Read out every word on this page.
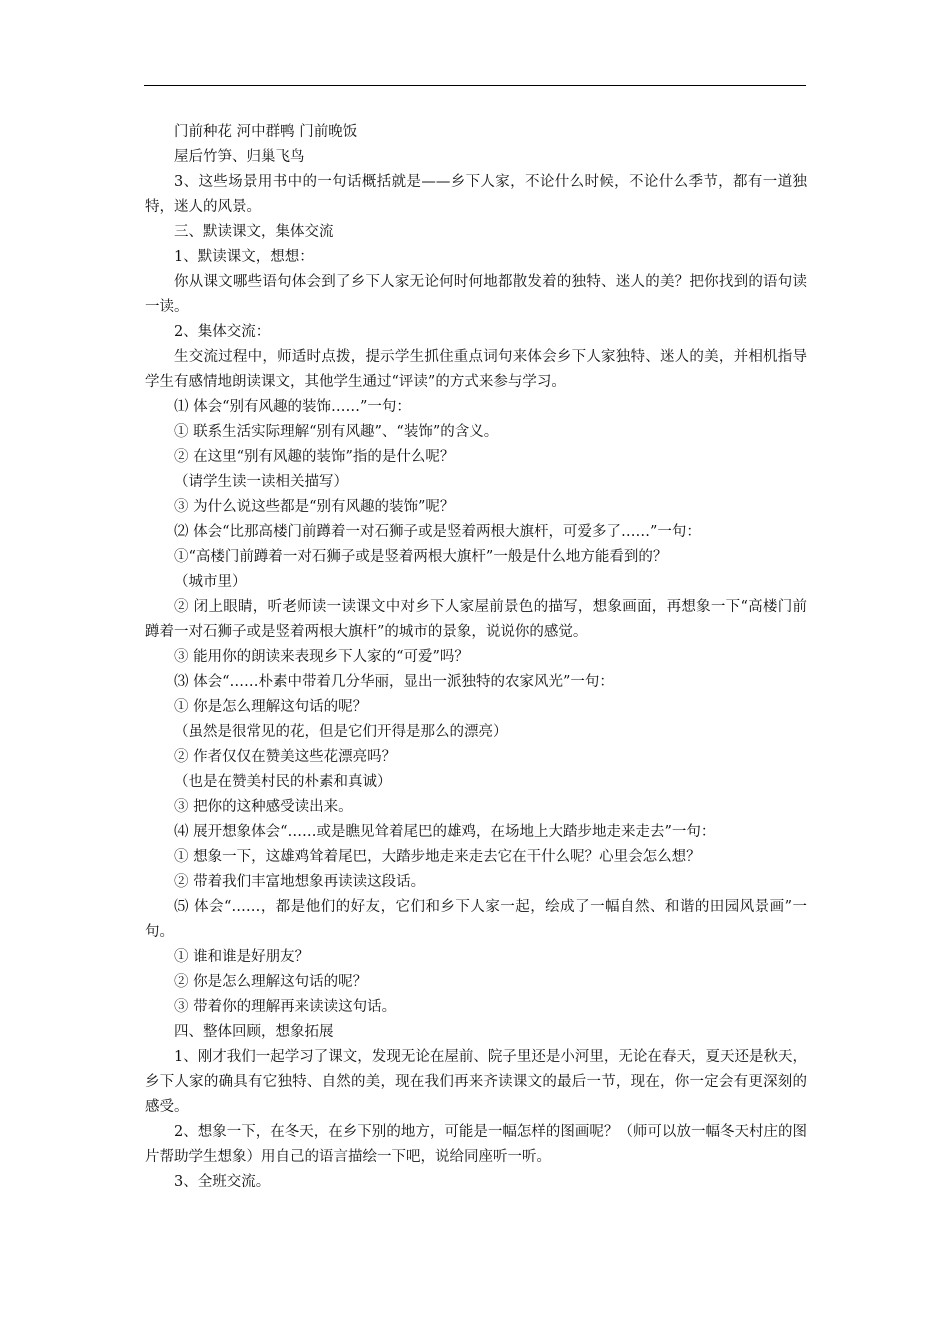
门前种花 河中群鸭 门前晚饭

屋后竹笋、归巢飞鸟

3、这些场景用书中的一句话概括就是——乡下人家，不论什么时候，不论什么季节，都有一道独特，迷人的风景。

三、默读课文，集体交流

1、默读课文，想想：

你从课文哪些语句体会到了乡下人家无论何时何地都散发着的独特、迷人的美？把你找到的语句读一读。

2、集体交流：

生交流过程中，师适时点拨，提示学生抓住重点词句来体会乡下人家独特、迷人的美，并相机指导学生有感情地朗读课文，其他学生通过“评读”的方式来参与学习。

⑴ 体会“别有风趣的装饰……”一句：

① 联系生活实际理解“别有风趣”、“装饰”的含义。

② 在这里“别有风趣的装饰”指的是什么呢？

（请学生读一读相关描写）

③ 为什么说这些都是“别有风趣的装饰”呢？

⑵ 体会“比那高楼门前蹲着一对石狮子或是竖着两根大旗杆，可爱多了……”一句：

①“高楼门前蹲着一对石狮子或是竖着两根大旗杆”一般是什么地方能看到的？

（城市里）

② 闭上眼睛，听老师读一读课文中对乡下人家屋前景色的描写，想象画面，再想象一下“高楼门前蹲着一对石狮子或是竖着两根大旗杆”的城市的景象，说说你的感觉。

③ 能用你的朗读来表现乡下人家的“可爱”吗？

⑶ 体会“……朴素中带着几分华丽，显出一派独特的农家风光”一句：

① 你是怎么理解这句话的呢？

（虽然是很常见的花，但是它们开得是那么的漂亮）

② 作者仅仅在赞美这些花漂亮吗？

（也是在赞美村民的朴素和真诚）

③ 把你的这种感受读出来。

⑷ 展开想象体会“……或是瞧见耸着尾巴的雄鸡，在场地上大踏步地走来走去”一句：

① 想象一下，这雄鸡耸着尾巴，大踏步地走来走去它在干什么呢？心里会怎么想？

② 带着我们丰富地想象再读读这段话。

⑸ 体会“……，都是他们的好友，它们和乡下人家一起，绘成了一幅自然、和谐的田园风景画”一句。

① 谁和谁是好朋友？

② 你是怎么理解这句话的呢？

③ 带着你的理解再来读读这句话。

四、整体回顾，想象拓展

1、刚才我们一起学习了课文，发现无论在屋前、院子里还是小河里，无论在春天，夏天还是秋天，乡下人家的确具有它独特、自然的美，现在我们再来齐读课文的最后一节，现在，你一定会有更深刻的感受。

2、想象一下，在冬天，在乡下别的地方，可能是一幅怎样的图画呢？（师可以放一幅冬天村庄的图片帮助学生想象）用自己的语言描绘一下吧，说给同座听一听。

3、全班交流。
